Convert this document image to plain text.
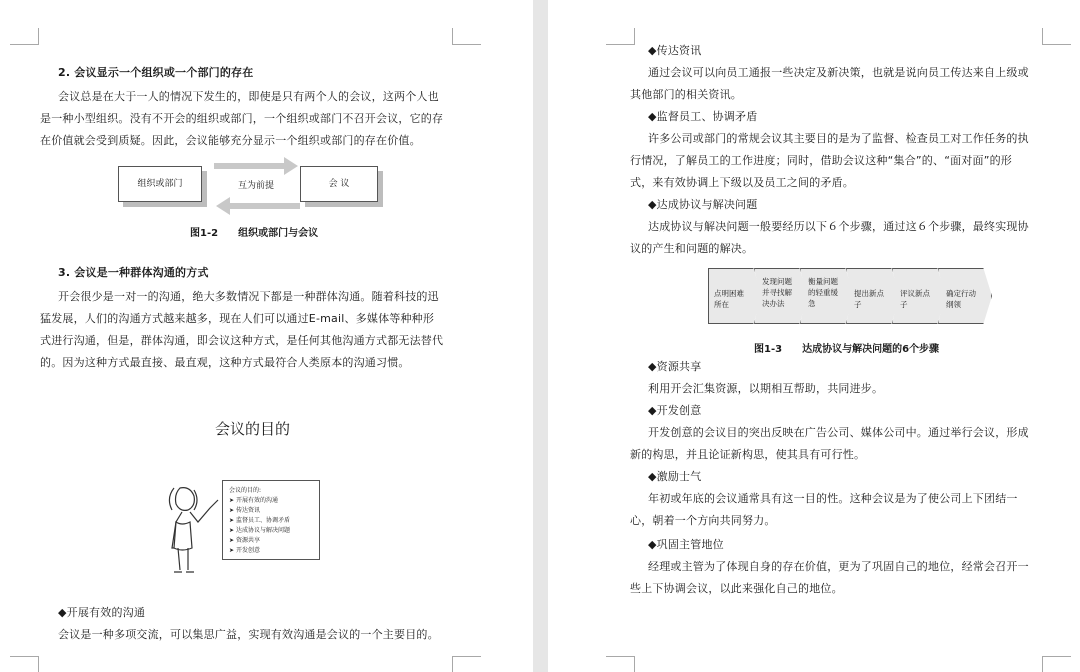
2. 会议显示一个组织或一个部门的存在
会议总是在大于一人的情况下发生的，即使是只有两个人的会议，这两个人也
是一种小型组织。没有不开会的组织或部门，一个组织或部门不召开会议，它的存
在价值就会受到质疑。因此，会议能够充分显示一个组织或部门的存在价值。
组织或部门	互为前提	会 议
图1-2　　组织或部门与会议
3. 会议是一种群体沟通的方式
开会很少是一对一的沟通，绝大多数情况下都是一种群体沟通。随着科技的迅
猛发展，人们的沟通方式越来越多，现在人们可以通过E-mail、多媒体等种种形
式进行沟通，但是，群体沟通，即会议这种方式，是任何其他沟通方式都无法替代
的。因为这种方式最直接、最直观，这种方式最符合人类原本的沟通习惯。
会议的目的
会议的目的:
➤ 开展有效的沟通
➤ 传达资讯
➤ 监督员工、协调矛盾
➤ 达成协议与解决问题
➤ 资源共享
➤ 开发创意
◆开展有效的沟通
会议是一种多项交流，可以集思广益，实现有效沟通是会议的一个主要目的。
◆传达资讯
通过会议可以向员工通报一些决定及新决策，也就是说向员工传达来自上级或
其他部门的相关资讯。
◆监督员工、协调矛盾
许多公司或部门的常规会议其主要目的是为了监督、检查员工对工作任务的执
行情况，了解员工的工作进度；同时，借助会议这种“集合”的、“面对面”的形
式，来有效协调上下级以及员工之间的矛盾。
◆达成协议与解决问题
达成协议与解决问题一般要经历以下６个步骤，通过这６个步骤，最终实现协
议的产生和问题的解决。
点明困难所在
发现问题并寻找解决办法
衡量问题的轻重缓急
提出新点子
评议新点子
确定行动纲领
图1-3　　达成协议与解决问题的6个步骤
◆资源共享
利用开会汇集资源，以期相互帮助，共同进步。
◆开发创意
开发创意的会议目的突出反映在广告公司、媒体公司中。通过举行会议，形成
新的构思，并且论证新构思，使其具有可行性。
◆激励士气
年初或年底的会议通常具有这一目的性。这种会议是为了使公司上下团结一
心，朝着一个方向共同努力。
◆巩固主管地位
经理或主管为了体现自身的存在价值，更为了巩固自己的地位，经常会召开一
些上下协调会议，以此来强化自己的地位。
